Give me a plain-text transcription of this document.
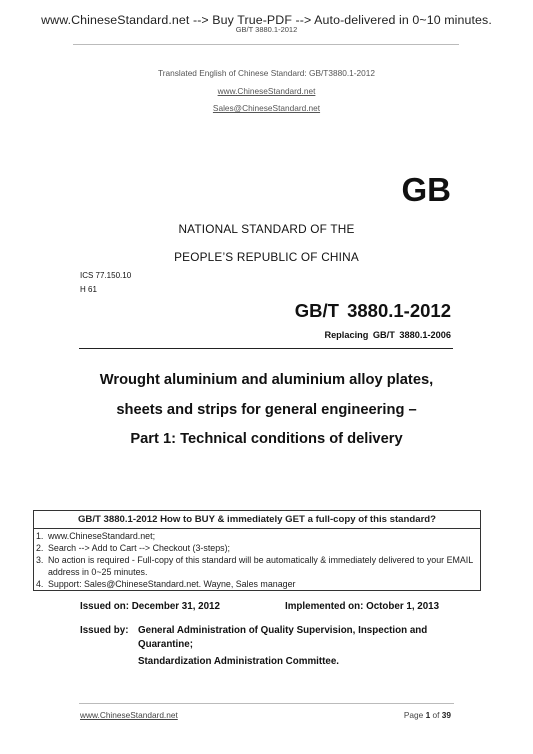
www.ChineseStandard.net --> Buy True-PDF --> Auto-delivered in 0~10 minutes.
GB/T 3880.1-2012
Translated English of Chinese Standard: GB/T3880.1-2012
www.ChineseStandard.net
Sales@ChineseStandard.net
GB
NATIONAL STANDARD OF THE
PEOPLE’S REPUBLIC OF CHINA
ICS 77.150.10
H 61
GB/T 3880.1-2012
Replacing GB/T 3880.1-2006
Wrought aluminium and aluminium alloy plates,
sheets and strips for general engineering –
Part 1: Technical conditions of delivery
GB/T 3880.1-2012 How to BUY & immediately GET a full-copy of this standard?
1. www.ChineseStandard.net;
2. Search --> Add to Cart --> Checkout (3-steps);
3. No action is required - Full-copy of this standard will be automatically & immediately delivered to your EMAIL address in 0~25 minutes.
4. Support: Sales@ChineseStandard.net. Wayne, Sales manager
Issued on: December 31, 2012	Implemented on: October 1, 2013
Issued by: General Administration of Quality Supervision, Inspection and
Quarantine;
Standardization Administration Committee.
www.ChineseStandard.net	Page 1 of 39
